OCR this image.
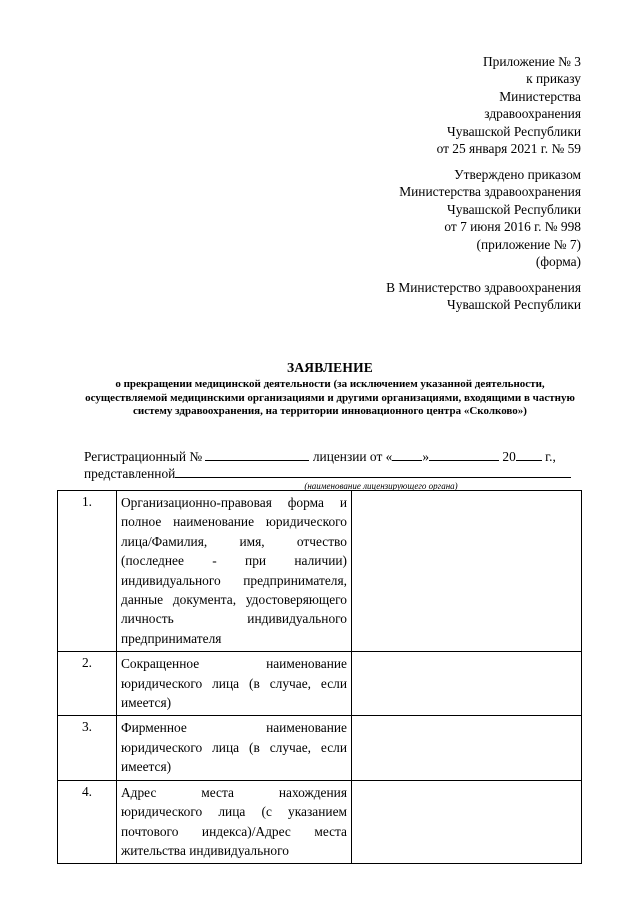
Приложение № 3
к приказу
Министерства
здравоохранения
Чувашской Республики
от 25 января 2021 г. № 59
Утверждено приказом
Министерства здравоохранения
Чувашской Республики
от 7 июня 2016 г. № 998
(приложение № 7)
(форма)
В Министерство здравоохранения
Чувашской Республики
ЗАЯВЛЕНИЕ
о прекращении медицинской деятельности (за исключением указанной деятельности, осуществляемой медицинскими организациями и другими организациями, входящими в частную систему здравоохранения, на территории инновационного центра «Сколково»)
Регистрационный №	лицензии от « »	20 г.,
представленной
(наименование лицензирующего органа)
1.	Организационно-правовая форма и полное наименование юридического лица/Фамилия, имя, отчество (последнее - при наличии) индивидуального предпринимателя, данные документа, удостоверяющего личность индивидуального предпринимателя	
2.	Сокращенное наименование юридического лица (в случае, если имеется)	
3.	Фирменное наименование юридического лица (в случае, если имеется)	
4.	Адрес места нахождения юридического лица (с указанием почтового индекса)/Адрес места жительства индивидуального	
